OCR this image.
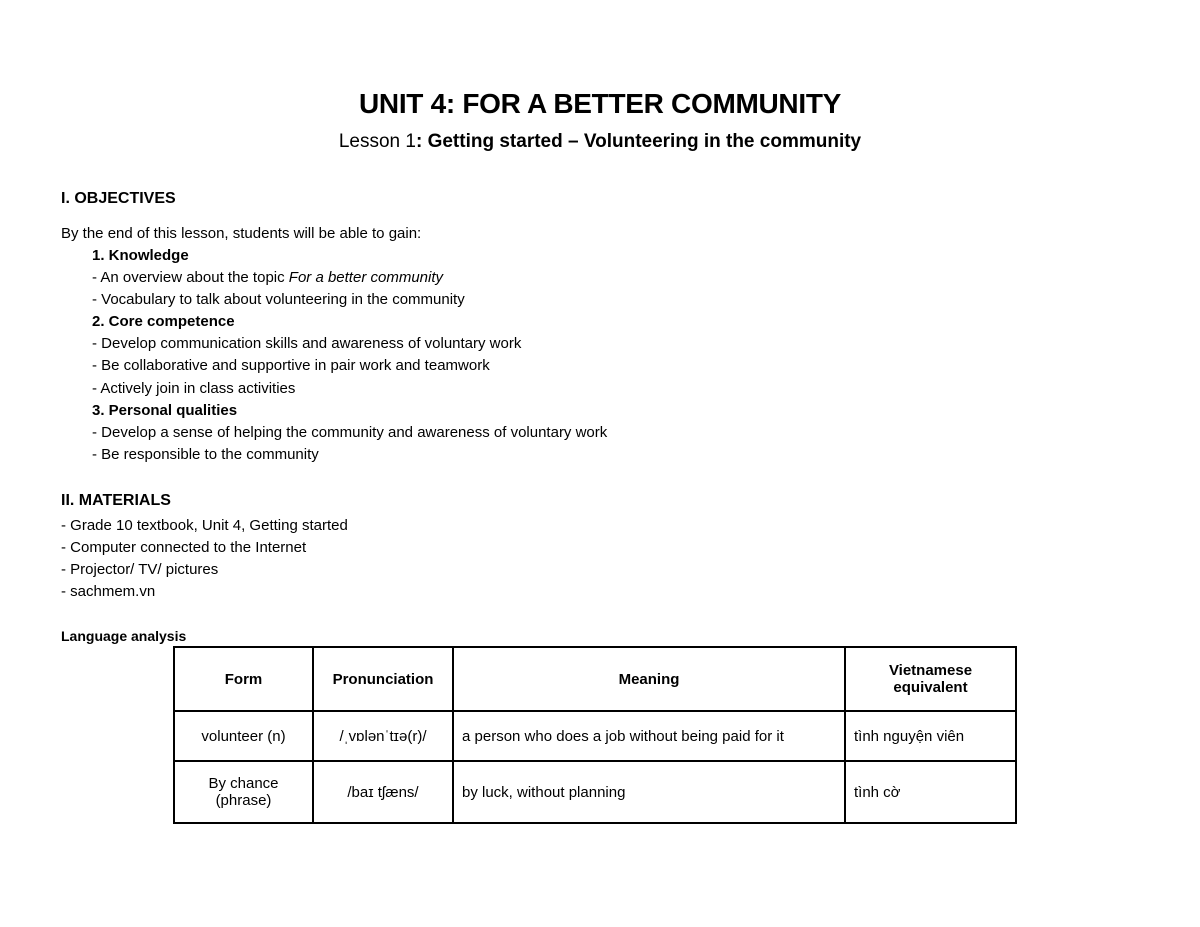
UNIT 4: FOR A BETTER COMMUNITY
Lesson 1: Getting started – Volunteering in the community
I. OBJECTIVES
By the end of this lesson, students will be able to gain:
1. Knowledge
- An overview about the topic For a better community
- Vocabulary to talk about volunteering in the community
2. Core competence
- Develop communication skills and awareness of voluntary work
- Be collaborative and supportive in pair work and teamwork
- Actively join in class activities
3. Personal qualities
- Develop a sense of helping the community and awareness of voluntary work
- Be responsible to the community
II. MATERIALS
- Grade 10 textbook, Unit 4, Getting started
- Computer connected to the Internet
- Projector/ TV/ pictures
- sachmem.vn
Language analysis
Form	Pronunciation	Meaning	Vietnamese equivalent
volunteer (n)	/ˌvɒlənˈtɪə(r)/	a person who does a job without being paid for it	tình nguyện viên
By chance (phrase)	/baɪ tʃæns/	by luck, without planning	tình cờ
